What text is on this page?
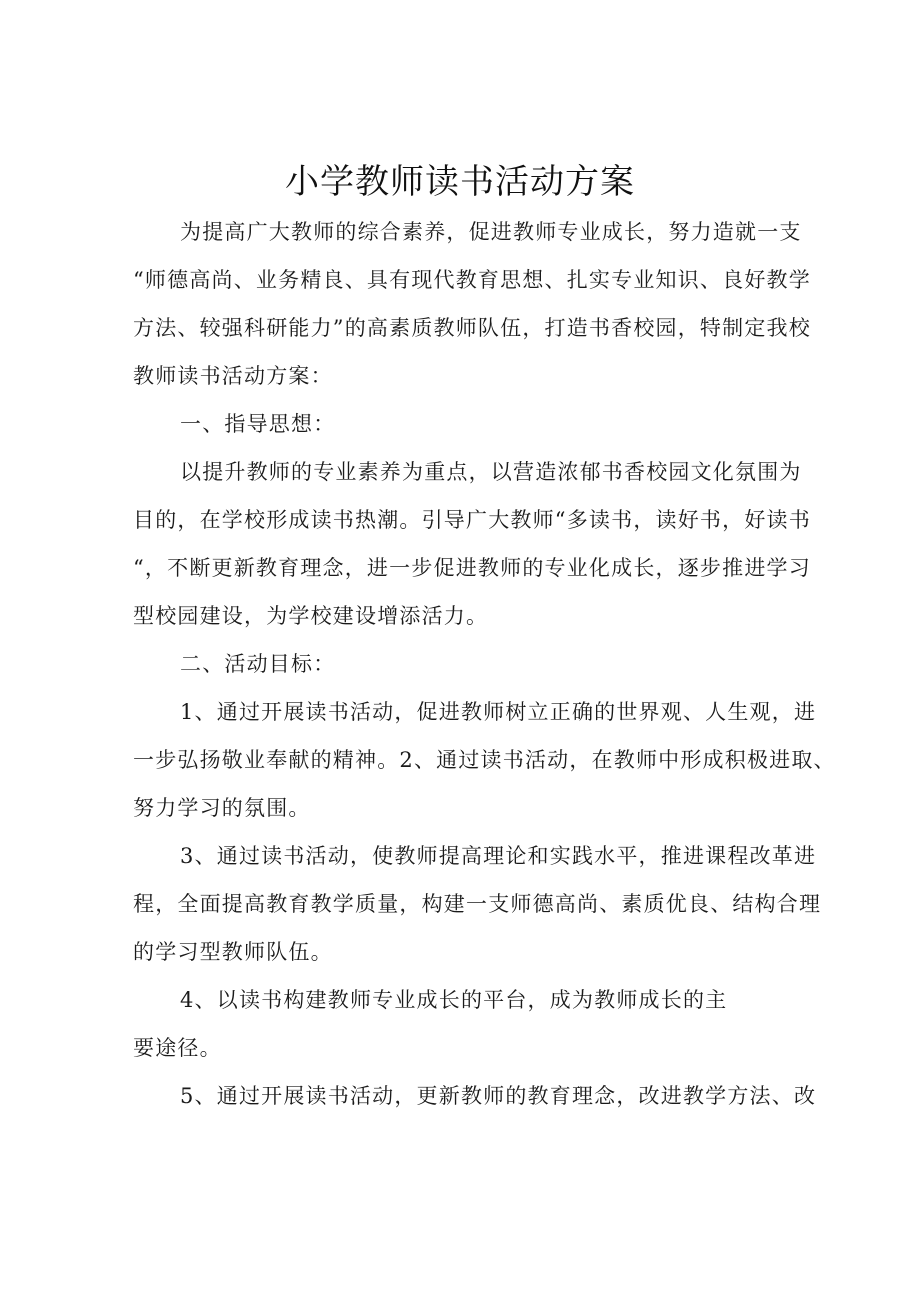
小学教师读书活动方案
为提高广大教师的综合素养，促进教师专业成长，努力造就一支
“师德高尚、业务精良、具有现代教育思想、扎实专业知识、良好教学
方法、较强科研能力”的高素质教师队伍，打造书香校园，特制定我校
教师读书活动方案：
一、指导思想：
以提升教师的专业素养为重点，以营造浓郁书香校园文化氛围为
目的，在学校形成读书热潮。引导广大教师“多读书，读好书，好读书
“，不断更新教育理念，进一步促进教师的专业化成长，逐步推进学习
型校园建设，为学校建设增添活力。
二、活动目标：
1、通过开展读书活动，促进教师树立正确的世界观、人生观，进
一步弘扬敬业奉献的精神。2、通过读书活动，在教师中形成积极进取、
努力学习的氛围。
3、通过读书活动，使教师提高理论和实践水平，推进课程改革进
程，全面提高教育教学质量，构建一支师德高尚、素质优良、结构合理
的学习型教师队伍。
4、以读书构建教师专业成长的平台，成为教师成长的主
要途径。
5、通过开展读书活动，更新教师的教育理念，改进教学方法、改
